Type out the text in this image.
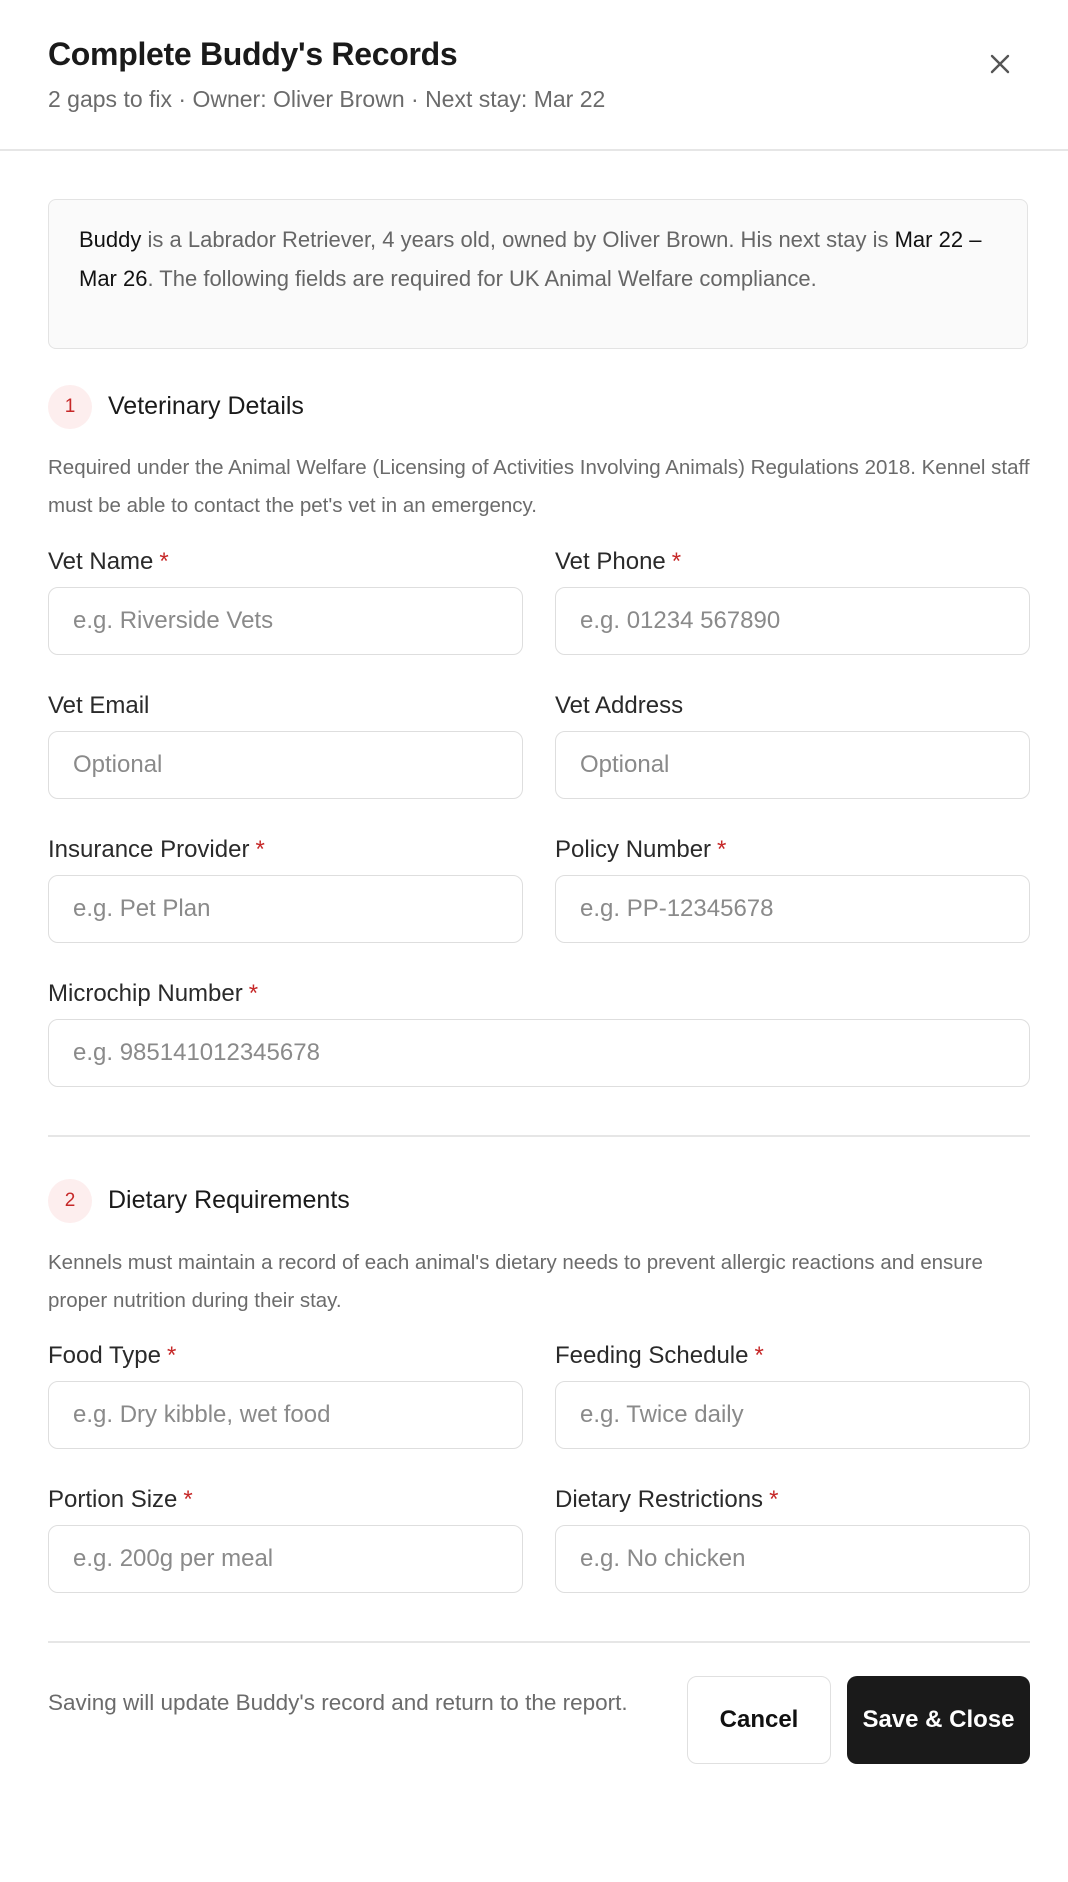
Complete Buddy's Records
2 gaps to fix · Owner: Oliver Brown · Next stay: Mar 22
Buddy is a Labrador Retriever, 4 years old, owned by Oliver Brown. His next stay is Mar 22 – Mar 26. The following fields are required for UK Animal Welfare compliance.
1	Veterinary Details
Required under the Animal Welfare (Licensing of Activities Involving Animals) Regulations 2018. Kennel staff must be able to contact the pet's vet in an emergency.
Vet Name *
e.g. Riverside Vets
Vet Phone *
e.g. 01234 567890
Vet Email
Optional
Vet Address
Optional
Insurance Provider *
e.g. Pet Plan
Policy Number *
e.g. PP-12345678
Microchip Number *
e.g. 985141012345678
Food Type *
e.g. Dry kibble, wet food
Feeding Schedule *
e.g. Twice daily
Portion Size *
e.g. 200g per meal
Dietary Restrictions *
e.g. No chicken
2	Dietary Requirements
Kennels must maintain a record of each animal's dietary needs to prevent allergic reactions and ensure proper nutrition during their stay.
Saving will update Buddy's record and return to the report.
Cancel	Save & Close
